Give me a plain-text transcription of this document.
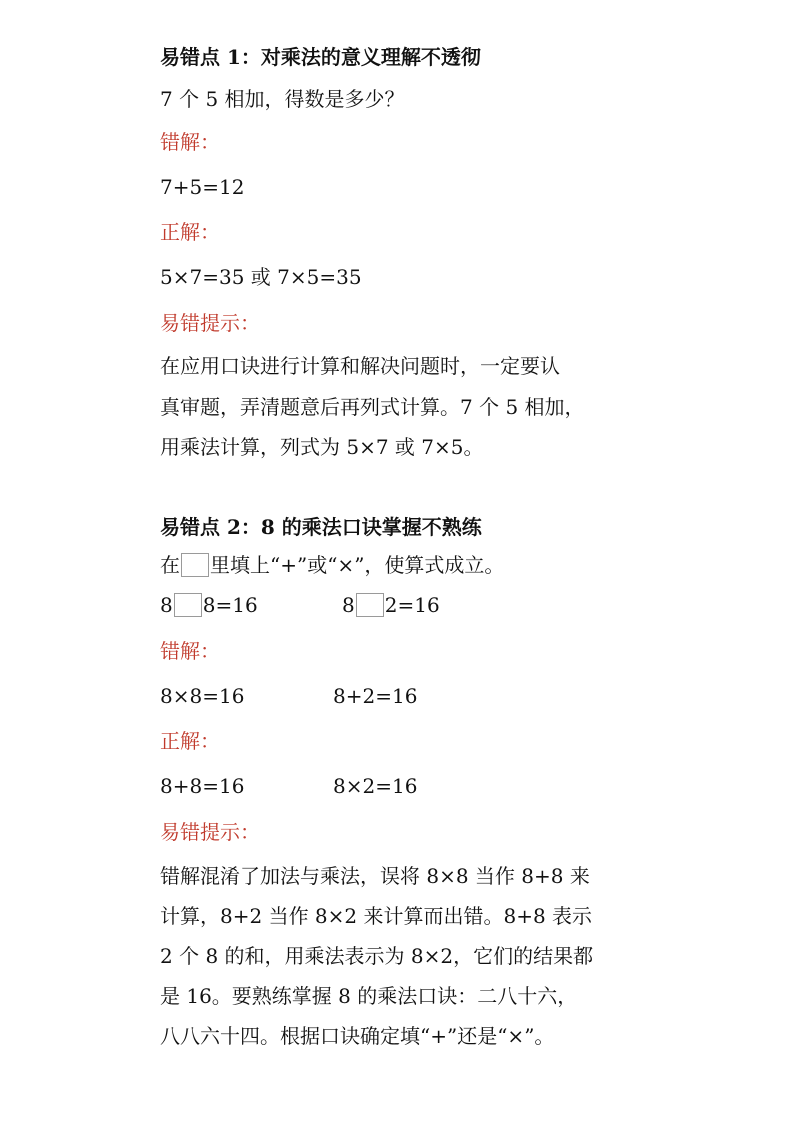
易错点 1：对乘法的意义理解不透彻
7 个 5 相加，得数是多少？
错解：
7+5=12
正解：
5×7=35 或 7×5=35
易错提示：
在应用口诀进行计算和解决问题时，一定要认
真审题，弄清题意后再列式计算。7 个 5 相加，
用乘法计算，列式为 5×7 或 7×5。
易错点 2：8 的乘法口诀掌握不熟练
在 里填上“+”或“×”，使算式成立。
8 8=16	8 2=16
错解：
8×8=16	8+2=16
正解：
8+8=16	8×2=16
易错提示：
错解混淆了加法与乘法，误将 8×8 当作 8+8 来
计算，8+2 当作 8×2 来计算而出错。8+8 表示
2 个 8 的和，用乘法表示为 8×2，它们的结果都
是 16。要熟练掌握 8 的乘法口诀：二八十六，
八八六十四。根据口诀确定填“+”还是“×”。
